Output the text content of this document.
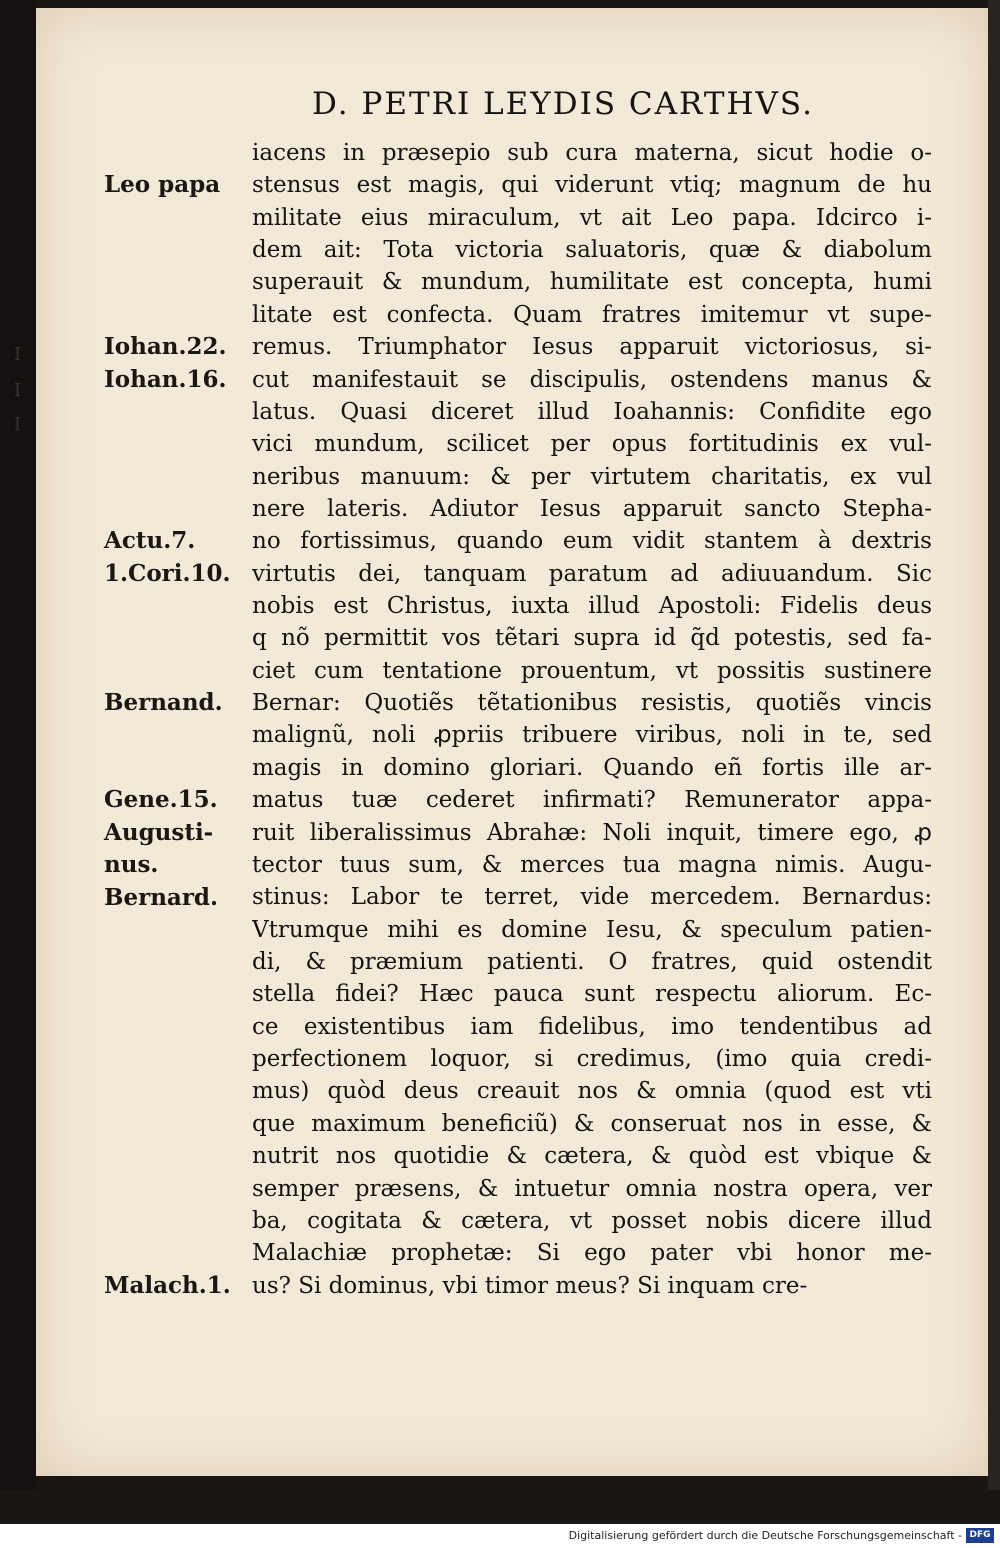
I
I
I
D. PETRI LEYDIS CARTHVS.
Leo papa
Iohan.22.
Iohan.16.
Actu.7.
1.Cori.10.
Bernand.
Gene.15.
Augusti-
nus.
Bernard.
Malach.1.
iacens in præsepio sub cura materna, sicut hodie o-
stensus est magis, qui viderunt vtiq; magnum de hu
militate eius miraculum, vt ait Leo papa. Idcirco i-
dem ait: Tota victoria saluatoris, quæ & diabolum
superauit & mundum, humilitate est concepta, humi
litate est confecta. Quam fratres imitemur vt supe-
remus. Triumphator Iesus apparuit victoriosus, si-
cut manifestauit se discipulis, ostendens manus &
latus. Quasi diceret illud Ioahannis: Confidite ego
vici mundum, scilicet per opus fortitudinis ex vul-
neribus manuum: & per virtutem charitatis, ex vul
nere lateris. Adiutor Iesus apparuit sancto Stepha-
no fortissimus, quando eum vidit stantem à dextris
virtutis dei, tanquam paratum ad adiuuandum. Sic
nobis est Christus, iuxta illud Apostoli: Fidelis deus
q nõ permittit vos tẽtari supra id q̃d potestis, sed fa-
ciet cum tentatione prouentum, vt possitis sustinere
Bernar: Quotiẽs tẽtationibus resistis, quotiẽs vincis
malignũ, noli ꝓpriis tribuere viribus, noli in te, sed
magis in domino gloriari. Quando eñ fortis ille ar-
matus tuæ cederet infirmati? Remunerator appa-
ruit liberalissimus Abrahæ: Noli inquit, timere ego, ꝓ
tector tuus sum, & merces tua magna nimis. Augu-
stinus: Labor te terret, vide mercedem. Bernardus:
Vtrumque mihi es domine Iesu, & speculum patien-
di, & præmium patienti. O fratres, quid ostendit
stella fidei? Hæc pauca sunt respectu aliorum. Ec-
ce existentibus iam fidelibus, imo tendentibus ad
perfectionem loquor, si credimus, (imo quia credi-
mus) quòd deus creauit nos & omnia (quod est vti
que maximum beneficiũ) & conseruat nos in esse, &
nutrit nos quotidie & cætera, & quòd est vbique &
semper præsens, & intuetur omnia nostra opera, ver
ba, cogitata & cætera, vt posset nobis dicere illud
Malachiæ prophetæ: Si ego pater vbi honor me-
us? Si dominus, vbi timor meus? Si inquam cre-
Digitalisierung gefördert durch die Deutsche Forschungsgemeinschaft - DFG
